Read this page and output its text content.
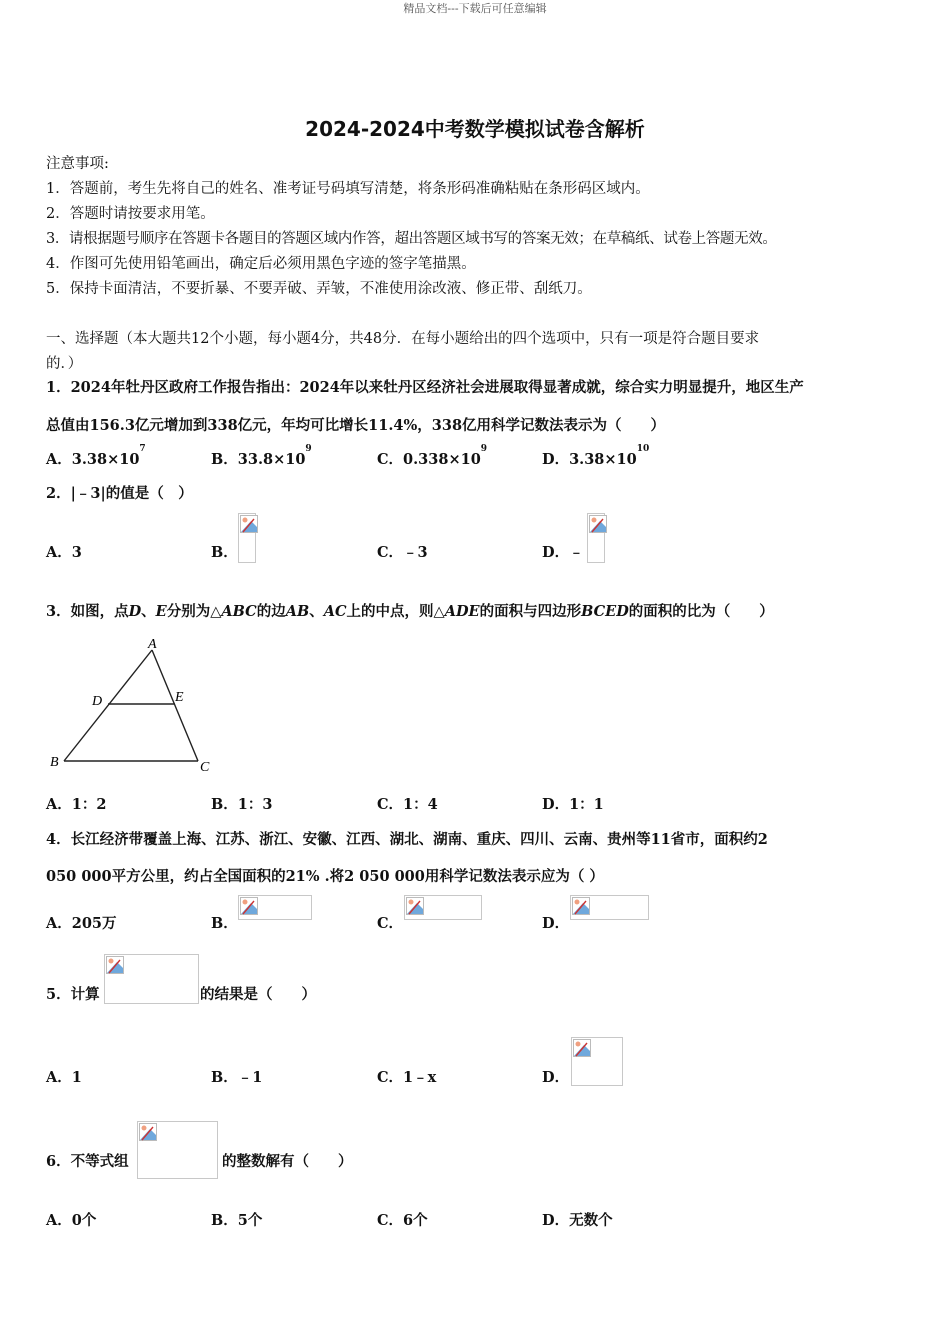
精品文档---下载后可任意编辑
2024-2024中考数学模拟试卷含解析
注意事项:
1．答题前，考生先将自己的姓名、准考证号码填写清楚，将条形码准确粘贴在条形码区域内。
2．答题时请按要求用笔。
3．请根据题号顺序在答题卡各题目的答题区域内作答，超出答题区域书写的答案无效；在草稿纸、试卷上答题无效。
4．作图可先使用铅笔画出，确定后必须用黑色字迹的签字笔描黑。
5．保持卡面清洁，不要折暴、不要弄破、弄皱，不准使用涂改液、修正带、刮纸刀。
一、选择题（本大题共12个小题，每小题4分，共48分．在每小题给出的四个选项中，只有一项是符合题目要求
的．）
1．2024年牡丹区政府工作报告指出：2024年以来牡丹区经济社会进展取得显著成就，综合实力明显提升，地区生产
总值由156.3亿元增加到338亿元，年均可比增长11.4%，338亿用科学记数法表示为（　　）
A．$3.38\times 10^7$
B．$33.8\times 10^9$
C．$0.338\times 10^9$
D．$3.38\times 10^{10}$
2．|﹣3|的值是（　）
A．3	B．	C．﹣3	D．﹣
3．如图，点D、E分别为△ABC的边AB、AC上的中点，则△ADE的面积与四边形BCED的面积的比为（　　）
A
D	E
B	C
A．1：2	B．1：3	C．1：4	D．1：1
4．长江经济带覆盖上海、江苏、浙江、安徽、江西、湖北、湖南、重庆、四川、云南、贵州等11省市，面积约2
050 000平方公里，约占全国面积的21% .将2 050 000用科学记数法表示应为（ ）
A．205万	B．	C．	D．
5．计算	的结果是（　　）
A．1	B．﹣1	C．1﹣x	D．
6．不等式组	的整数解有（　　）
A．0个	B．5个	C．6个	D．无数个
